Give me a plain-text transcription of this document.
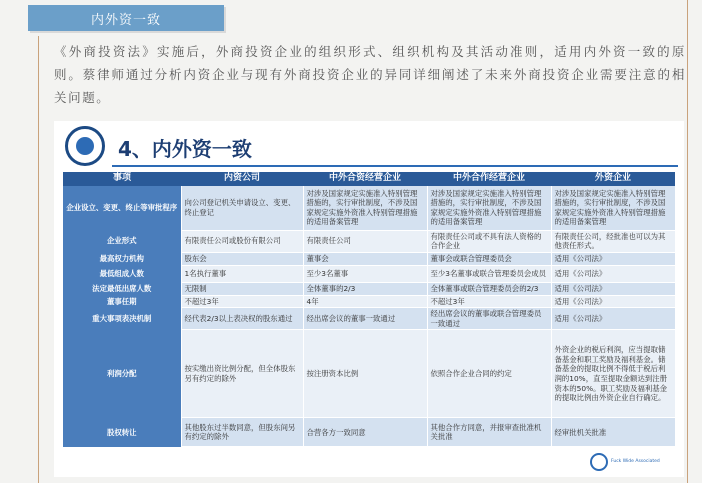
内外资一致

《外商投资法》实施后，外商投资企业的组织形式、组织机构及其活动准则，适用内外资一致的原则。蔡律师通过分析内资企业与现有外商投资企业的异同详细阐述了未来外商投资企业需要注意的相关问题。

4、内外资一致
事项	内资公司	中外合资经营企业	中外合作经营企业	外资企业
企业设立、变更、终止等审批程序	向公司登记机关申请设立、变更、终止登记	对涉及国家规定实施准入特别管理措施的，实行审批制度，不涉及国家规定实施外资准入特别管理措施的适用备案管理	对涉及国家规定实施准入特别管理措施的，实行审批制度，不涉及国家规定实施外资准入特别管理措施的适用备案管理	对涉及国家规定实施准入特别管理措施的，实行审批制度，不涉及国家规定实施外资准入特别管理措施的适用备案管理
企业形式	有限责任公司或股份有限公司	有限责任公司	有限责任公司或不具有法人资格的合作企业	有限责任公司，经批准也可以为其他责任形式。
最高权力机构	股东会	董事会	董事会或联合管理委员会	适用《公司法》
最低组成人数	1名执行董事	至少3名董事	至少3名董事或联合管理委员会成员	适用《公司法》
法定最低出席人数	无限制	全体董事的2/3	全体董事或联合管理委员会的2/3	适用《公司法》
董事任期	不超过3年	4年	不超过3年	适用《公司法》
重大事项表决机制	经代表2/3以上表决权的股东通过	经出席会议的董事一致通过	经出席会议的董事或联合管理委员一致通过	适用《公司法》
利润分配	按实缴出资比例分配，但全体股东另有约定的除外	按注册资本比例	依照合作企业合同的约定	外资企业的税后利润，应当提取储备基金和职工奖励及福利基金。储备基金的提取比例不得低于税后利润的10%，直至提取金额达到注册资本的50%。职工奖励及福利基金的提取比例由外资企业自行确定。
股权转让	其他股东过半数同意，但股东间另有约定的除外	合营各方一致同意	其他合作方同意，并报审查批准机关批准	经审批机关批准
Fuck Wide Associated
